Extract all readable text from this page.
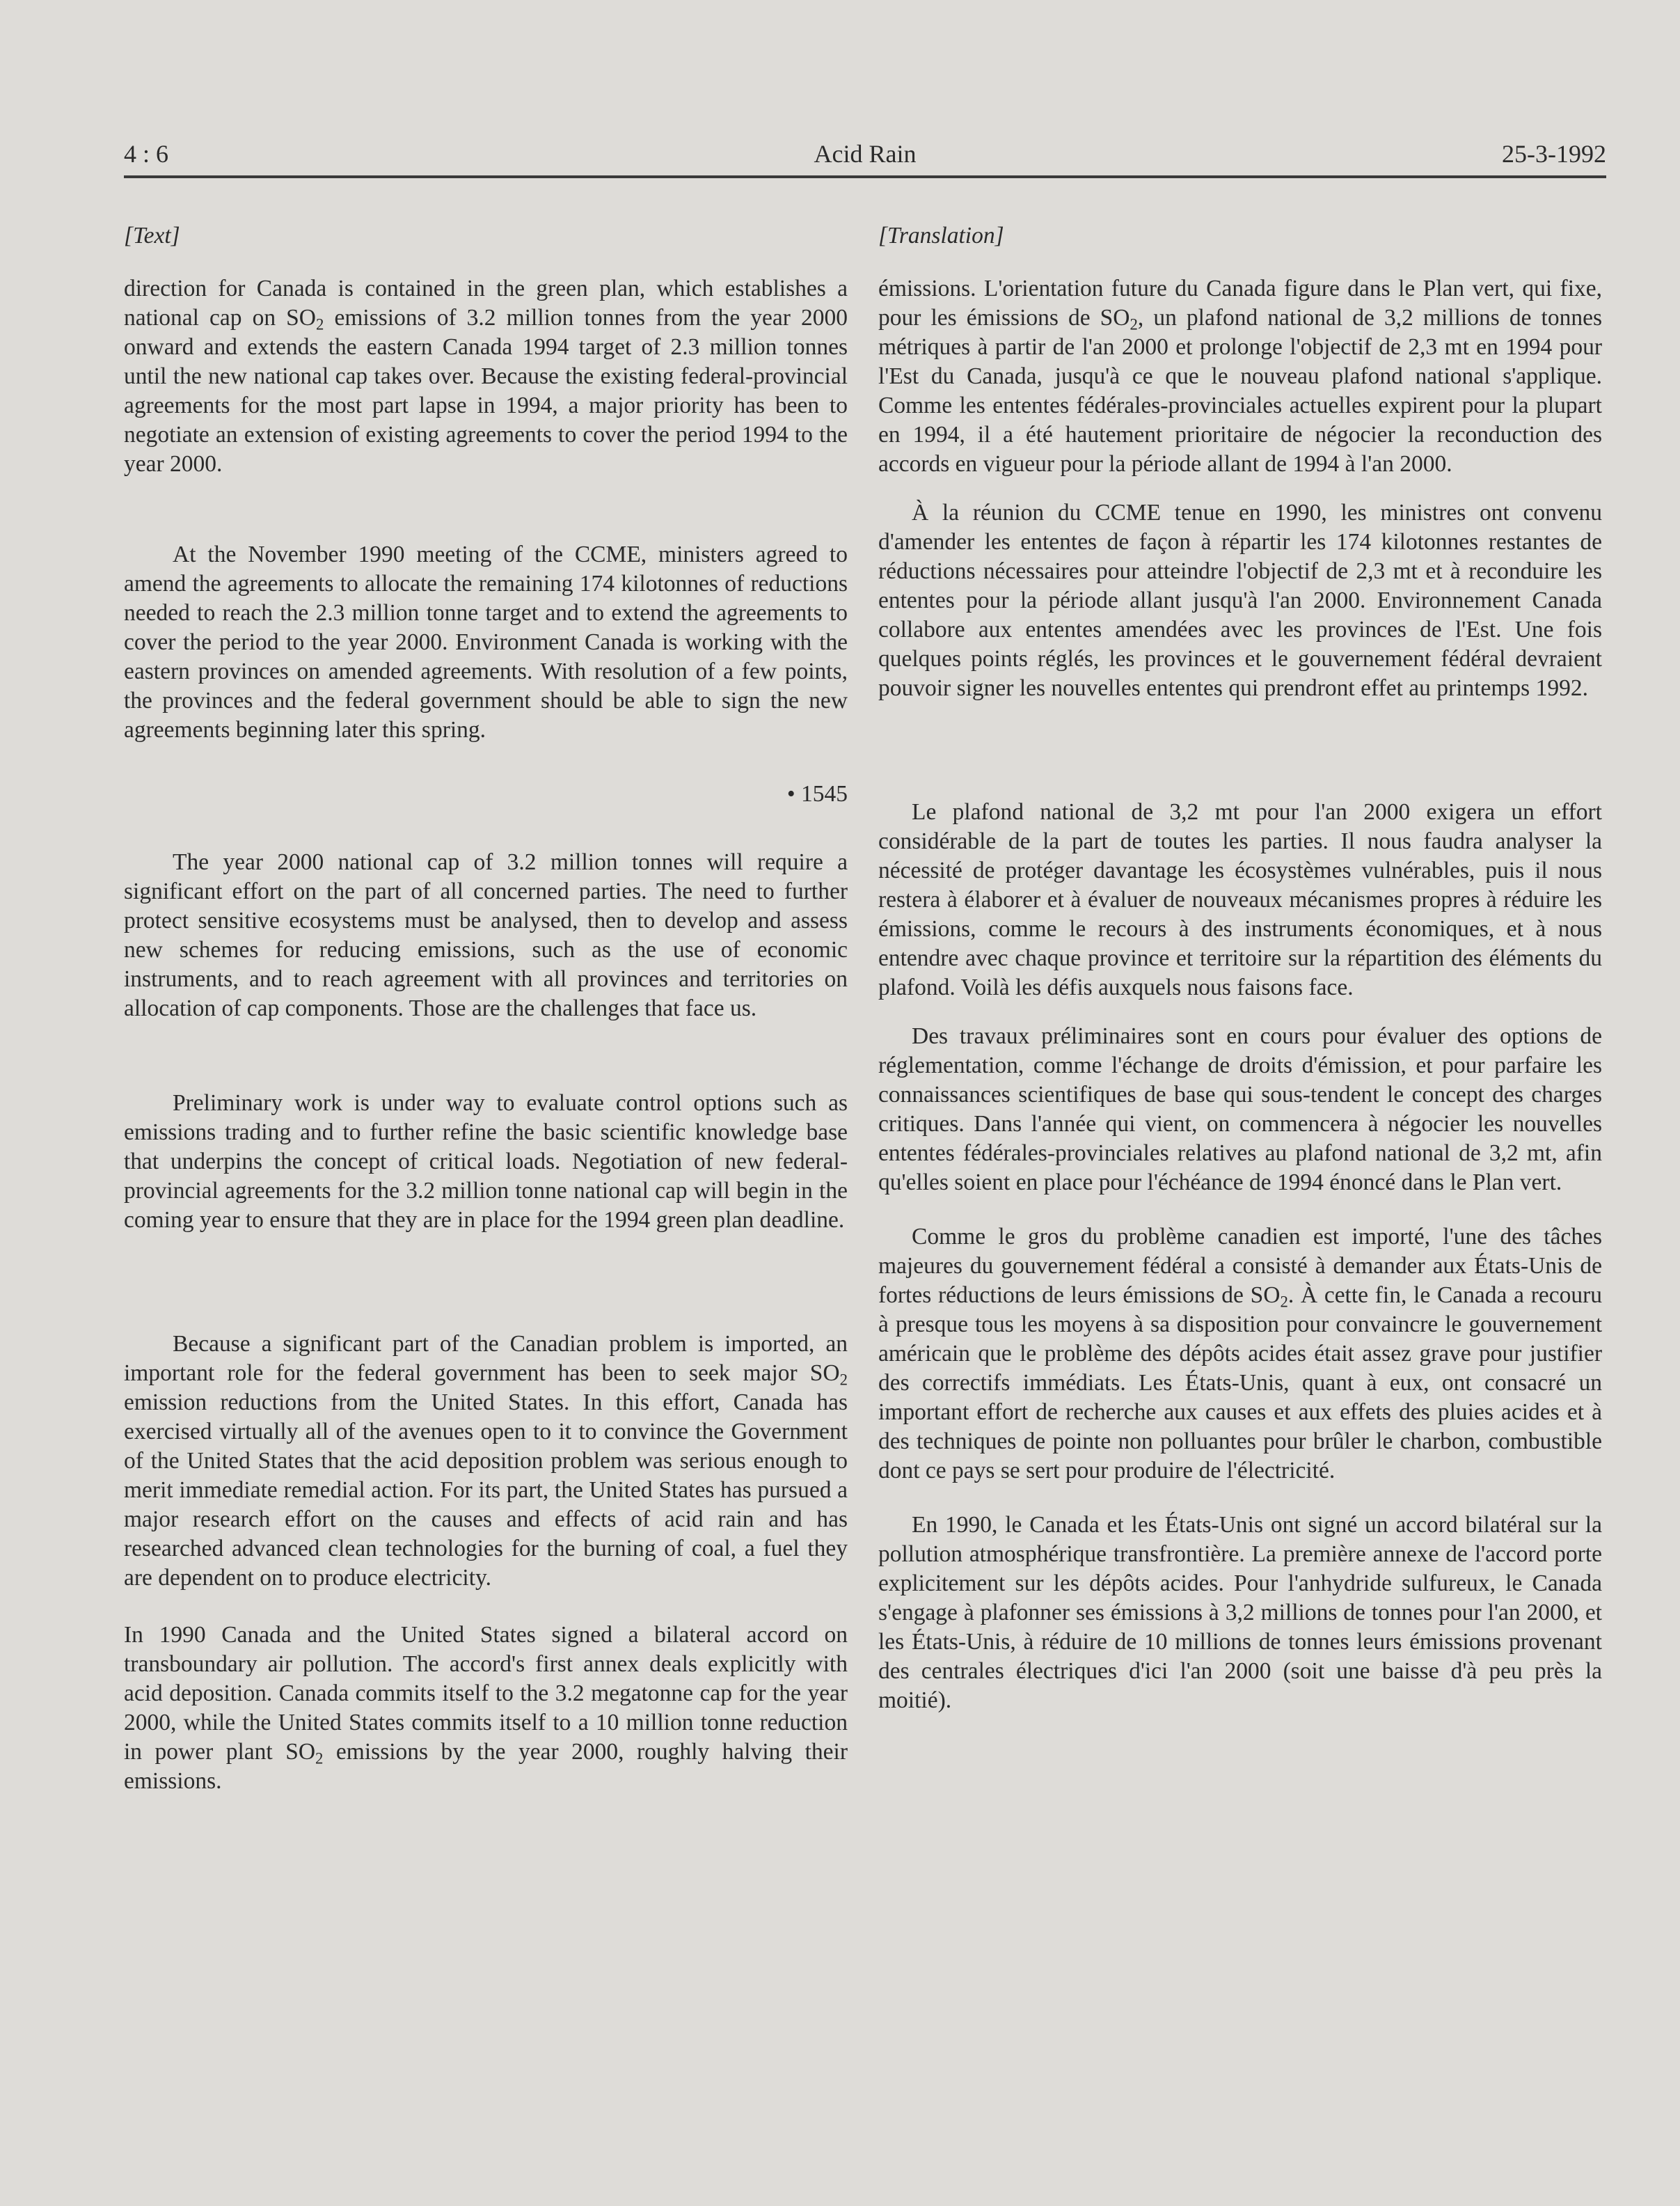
4 : 6	Acid Rain	25-3-1992
[Text]

direction for Canada is contained in the green plan, which establishes a national cap on $SO_2$ emissions of 3.2 million tonnes from the year 2000 onward and extends the eastern Canada 1994 target of 2.3 million tonnes until the new national cap takes over. Because the existing federal-provincial agreements for the most part lapse in 1994, a major priority has been to negotiate an extension of existing agreements to cover the period 1994 to the year 2000.

At the November 1990 meeting of the CCME, ministers agreed to amend the agreements to allocate the remaining 174 kilotonnes of reductions needed to reach the 2.3 million tonne target and to extend the agreements to cover the period to the year 2000. Environment Canada is working with the eastern provinces on amended agreements. With resolution of a few points, the provinces and the federal government should be able to sign the new agreements beginning later this spring.

• 1545

The year 2000 national cap of 3.2 million tonnes will require a significant effort on the part of all concerned parties. The need to further protect sensitive ecosystems must be analysed, then to develop and assess new schemes for reducing emissions, such as the use of economic instruments, and to reach agreement with all provinces and territories on allocation of cap components. Those are the challenges that face us.

Preliminary work is under way to evaluate control options such as emissions trading and to further refine the basic scientific knowledge base that underpins the concept of critical loads. Negotiation of new federal-provincial agreements for the 3.2 million tonne national cap will begin in the coming year to ensure that they are in place for the 1994 green plan deadline.

Because a significant part of the Canadian problem is imported, an important role for the federal government has been to seek major $SO_2$ emission reductions from the United States. In this effort, Canada has exercised virtually all of the avenues open to it to convince the Government of the United States that the acid deposition problem was serious enough to merit immediate remedial action. For its part, the United States has pursued a major research effort on the causes and effects of acid rain and has researched advanced clean technologies for the burning of coal, a fuel they are dependent on to produce electricity.

In 1990 Canada and the United States signed a bilateral accord on transboundary air pollution. The accord's first annex deals explicitly with acid deposition. Canada commits itself to the 3.2 megatonne cap for the year 2000, while the United States commits itself to a 10 million tonne reduction in power plant $SO_2$ emissions by the year 2000, roughly halving their emissions.

[Translation]

émissions. L'orientation future du Canada figure dans le Plan vert, qui fixe, pour les émissions de $SO_2$, un plafond national de 3,2 millions de tonnes métriques à partir de l'an 2000 et prolonge l'objectif de 2,3 mt en 1994 pour l'Est du Canada, jusqu'à ce que le nouveau plafond national s'applique. Comme les ententes fédérales-provinciales actuelles expirent pour la plupart en 1994, il a été hautement prioritaire de négocier la reconduction des accords en vigueur pour la période allant de 1994 à l'an 2000.

À la réunion du CCME tenue en 1990, les ministres ont convenu d'amender les ententes de façon à répartir les 174 kilotonnes restantes de réductions nécessaires pour atteindre l'objectif de 2,3 mt et à reconduire les ententes pour la période allant jusqu'à l'an 2000. Environnement Canada collabore aux ententes amendées avec les provinces de l'Est. Une fois quelques points réglés, les provinces et le gouvernement fédéral devraient pouvoir signer les nouvelles ententes qui prendront effet au printemps 1992.

Le plafond national de 3,2 mt pour l'an 2000 exigera un effort considérable de la part de toutes les parties. Il nous faudra analyser la nécessité de protéger davantage les écosystèmes vulnérables, puis il nous restera à élaborer et à évaluer de nouveaux mécanismes propres à réduire les émissions, comme le recours à des instruments économiques, et à nous entendre avec chaque province et territoire sur la répartition des éléments du plafond. Voilà les défis auxquels nous faisons face.

Des travaux préliminaires sont en cours pour évaluer des options de réglementation, comme l'échange de droits d'émission, et pour parfaire les connaissances scientifiques de base qui sous-tendent le concept des charges critiques. Dans l'année qui vient, on commencera à négocier les nouvelles ententes fédérales-provinciales relatives au plafond national de 3,2 mt, afin qu'elles soient en place pour l'échéance de 1994 énoncé dans le Plan vert.

Comme le gros du problème canadien est importé, l'une des tâches majeures du gouvernement fédéral a consisté à demander aux États-Unis de fortes réductions de leurs émissions de $SO_2$. À cette fin, le Canada a recouru à presque tous les moyens à sa disposition pour convaincre le gouvernement américain que le problème des dépôts acides était assez grave pour justifier des correctifs immédiats. Les États-Unis, quant à eux, ont consacré un important effort de recherche aux causes et aux effets des pluies acides et à des techniques de pointe non polluantes pour brûler le charbon, combustible dont ce pays se sert pour produire de l'électricité.

En 1990, le Canada et les États-Unis ont signé un accord bilatéral sur la pollution atmosphérique transfrontière. La première annexe de l'accord porte explicitement sur les dépôts acides. Pour l'anhydride sulfureux, le Canada s'engage à plafonner ses émissions à 3,2 millions de tonnes pour l'an 2000, et les États-Unis, à réduire de 10 millions de tonnes leurs émissions provenant des centrales électriques d'ici l'an 2000 (soit une baisse d'à peu près la moitié).
